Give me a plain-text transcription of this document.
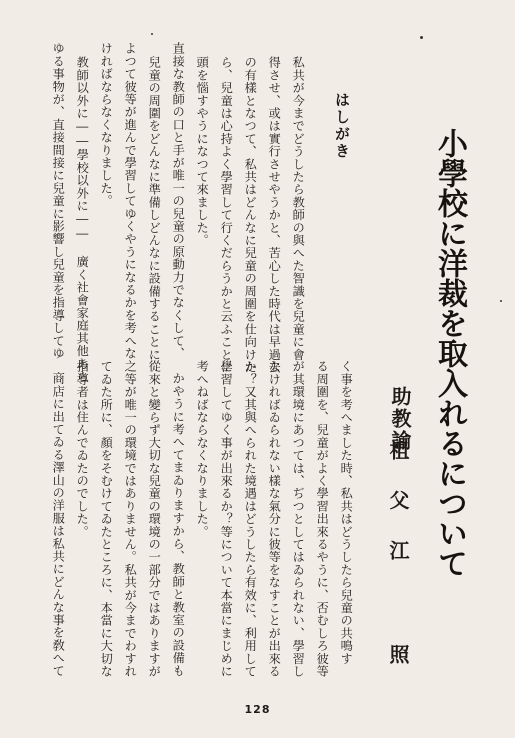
小學校に洋裁を取入れるについて
助教諭
祖父江 照
はしがき
私共が今までどうしたら教師の與へた智識を兒童に會
得させ、或は實行させやうかと、苦心した時代は早過去
の有樣となつて、私共はどんなに兒童の周圍を仕向けた
ら、兒童は心持よく學習して行くだらうかと云ふことに
頭を惱すやうになつて來ました。
直接な教師の口と手が唯一の兒童の原動力でなくして、
兒童の周圍をどんなに準備しどんなに設備することに
よつて彼等が進んで學習してゆくやうになるかを考へな
ければならなくなりました。
教師以外に――學校以外に―― 廣く社會家庭其他あら
ゆる事物が、直接間接に兒童に影響し兒童を指導してゆ
く事を考へました時、私共はどうしたら兒童の共鳴す
る周圍を、兒童がよく學習出來るやうに、否むしろ彼等
が其環境にあつては、ぢつとしてはゐられない、學習し
なければゐられない樣な氣分に彼等をなすことが出來る
か？又其與へられた境遇はどうしたら有效に、利用して
學習してゆく事が出來るか？等について本當にまじめに
考へねばならなくなりました。
かやうに考へてまゐりますから、教師と教室の設備も
從來と變らず大切な兒童の環境の一部分ではありますが
之等が唯一の環境ではありません。私共が今までわすれ
てゐた所に、顏をそむけてゐたところに、本當に大切な
指導者は住んでゐたのでした。
商店に出てゐる澤山の洋服は私共にどんな事を敎へて
128
